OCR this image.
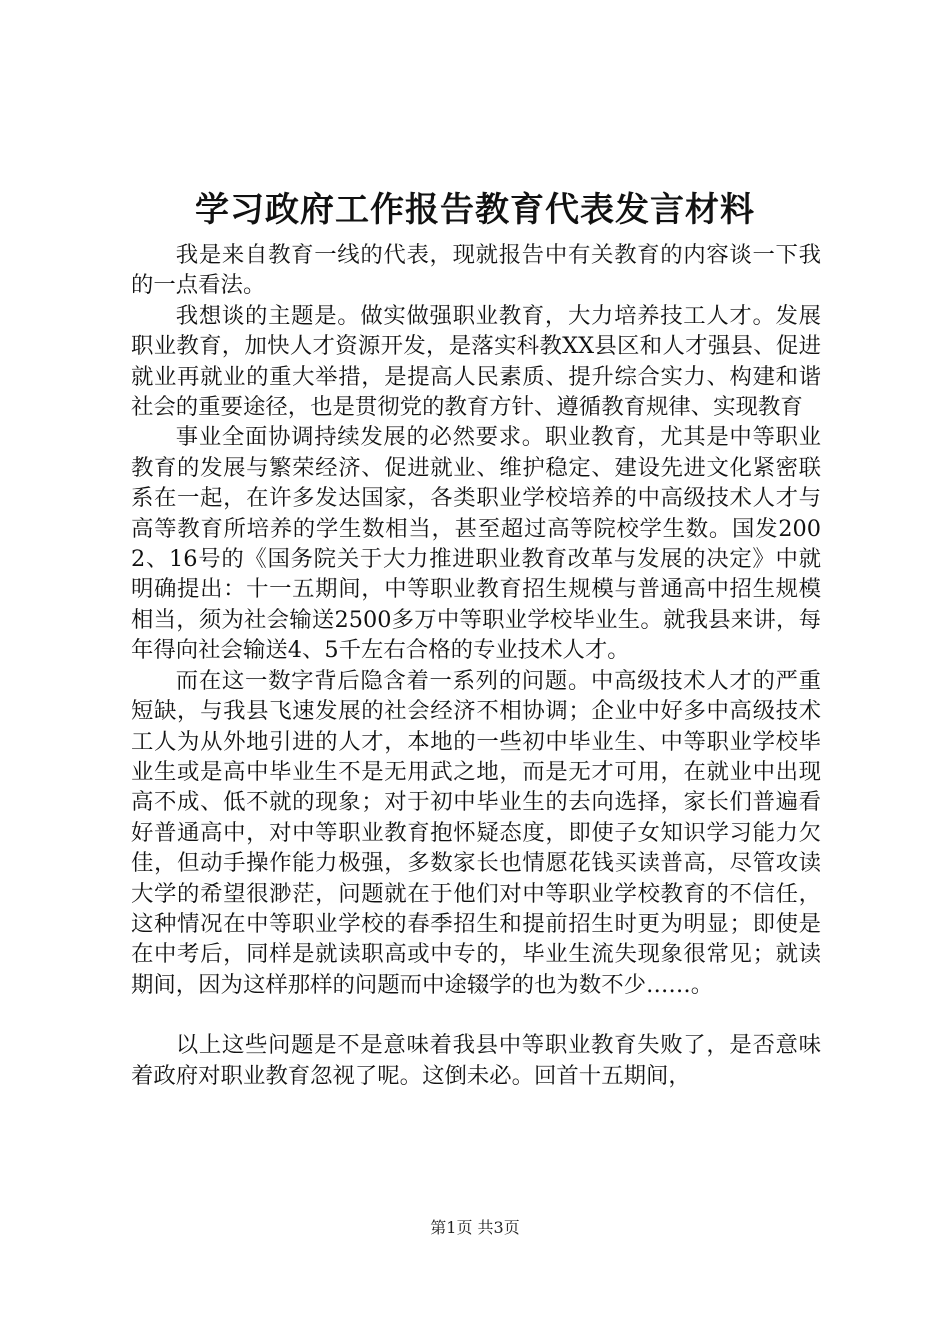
学习政府工作报告教育代表发言材料

我是来自教育一线的代表，现就报告中有关教育的内容谈一下我的一点看法。

我想谈的主题是。做实做强职业教育，大力培养技工人才。发展职业教育，加快人才资源开发，是落实科教XX县区和人才强县、促进就业再就业的重大举措，是提高人民素质、提升综合实力、构建和谐社会的重要途径，也是贯彻党的教育方针、遵循教育规律、实现教育

事业全面协调持续发展的必然要求。职业教育，尤其是中等职业教育的发展与繁荣经济、促进就业、维护稳定、建设先进文化紧密联系在一起，在许多发达国家，各类职业学校培养的中高级技术人才与高等教育所培养的学生数相当，甚至超过高等院校学生数。国发2002、16号的《国务院关于大力推进职业教育改革与发展的决定》中就明确提出：十一五期间，中等职业教育招生规模与普通高中招生规模相当，须为社会输送2500多万中等职业学校毕业生。就我县来讲，每年得向社会输送4、5千左右合格的专业技术人才。

而在这一数字背后隐含着一系列的问题。中高级技术人才的严重短缺，与我县飞速发展的社会经济不相协调；企业中好多中高级技术工人为从外地引进的人才，本地的一些初中毕业生、中等职业学校毕业生或是高中毕业生不是无用武之地，而是无才可用，在就业中出现高不成、低不就的现象；对于初中毕业生的去向选择，家长们普遍看好普通高中，对中等职业教育抱怀疑态度，即使子女知识学习能力欠佳，但动手操作能力极强，多数家长也情愿花钱买读普高，尽管攻读大学的希望很渺茫，问题就在于他们对中等职业学校教育的不信任，这种情况在中等职业学校的春季招生和提前招生时更为明显；即使是在中考后，同样是就读职高或中专的，毕业生流失现象很常见；就读期间，因为这样那样的问题而中途辍学的也为数不少……。

以上这些问题是不是意味着我县中等职业教育失败了，是否意味着政府对职业教育忽视了呢。这倒未必。回首十五期间，

第1页 共3页
